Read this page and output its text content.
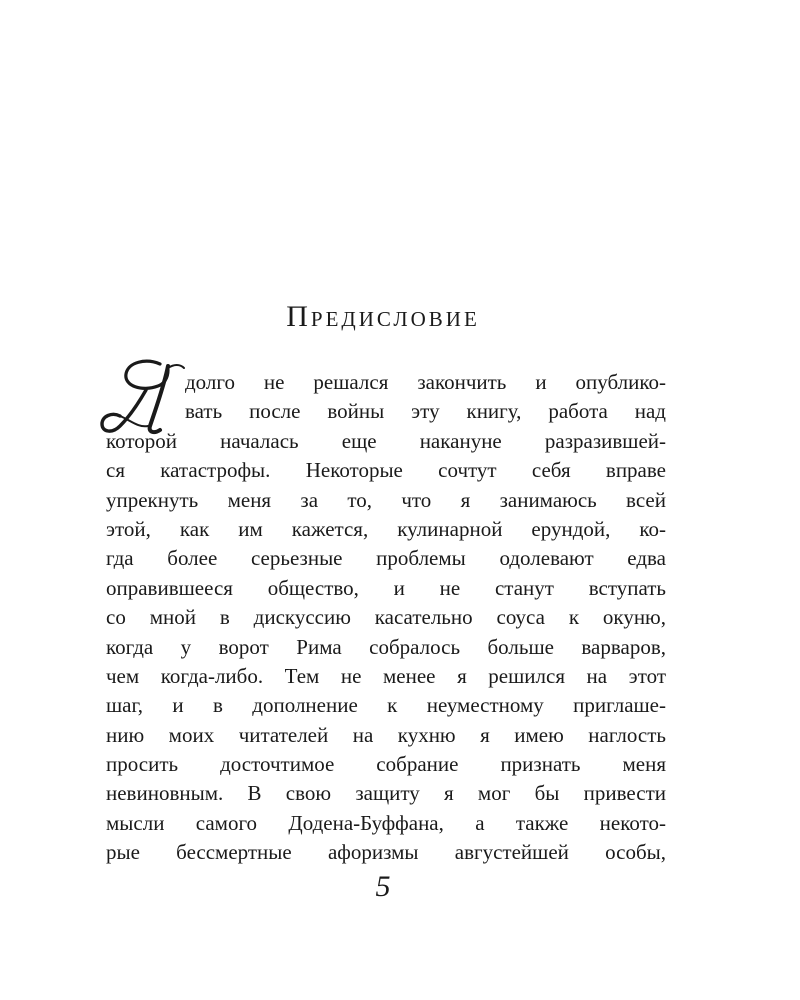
Предисловие
долго не решался закончить и опублико-
вать после войны эту книгу, работа над
которой началась еще накануне разразившей-
ся катастрофы. Некоторые сочтут себя вправе
упрекнуть меня за то, что я занимаюсь всей
этой, как им кажется, кулинарной ерундой, ко-
гда более серьезные проблемы одолевают едва
оправившееся общество, и не станут вступать
со мной в дискуссию касательно соуса к окуню,
когда у ворот Рима собралось больше варваров,
чем когда-либо. Тем не менее я решился на этот
шаг, и в дополнение к неуместному приглаше-
нию моих читателей на кухню я имею наглость
просить досточтимое собрание признать меня
невиновным. В свою защиту я мог бы привести
мысли самого Додена-Буффана, а также некото-
рые бессмертные афоризмы августейшей особы,
5
